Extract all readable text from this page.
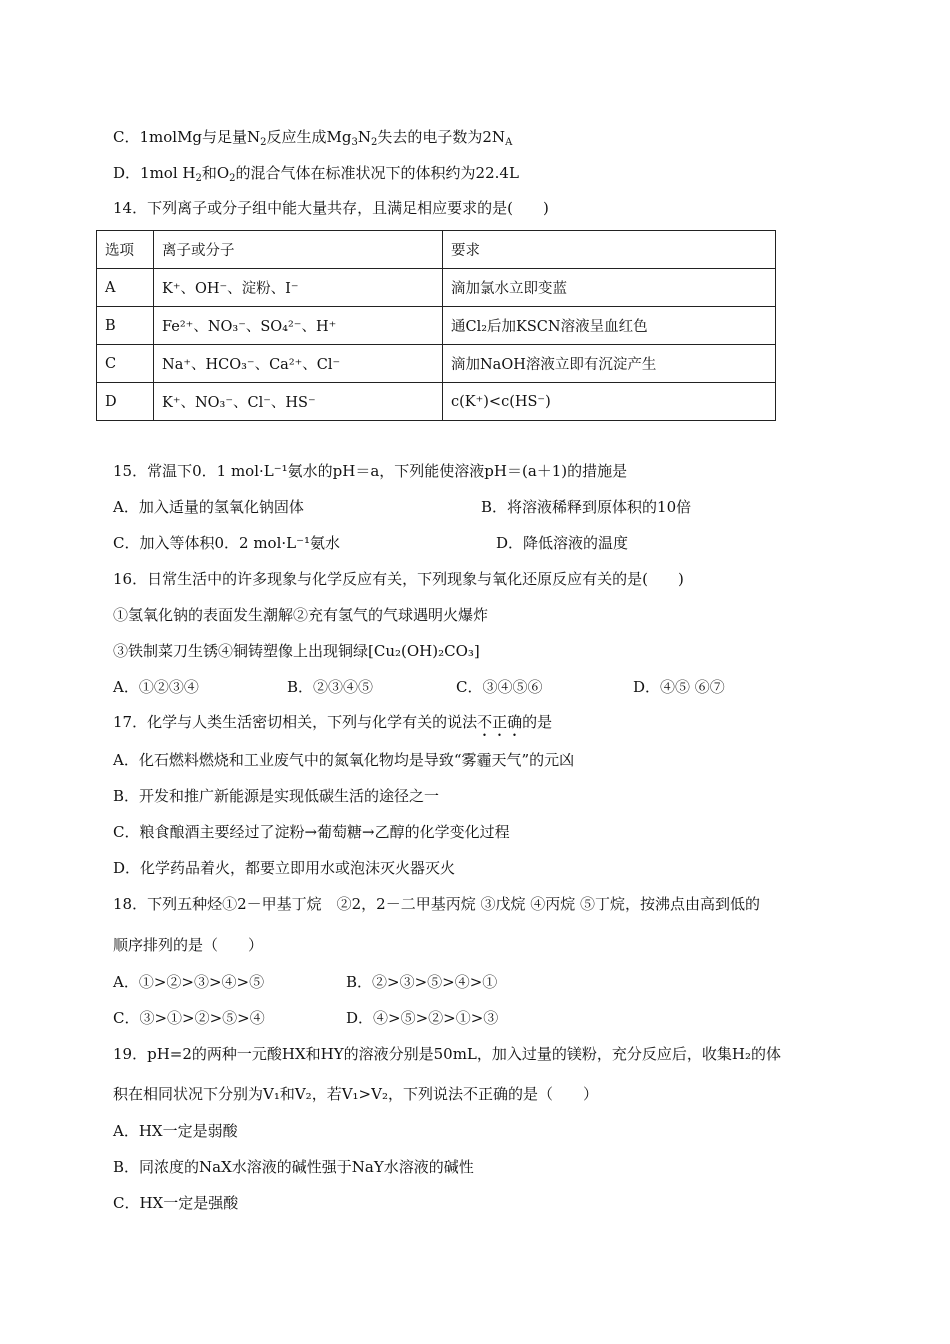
C．1molMg与足量$N_2$反应生成$Mg_3N_2$失去的电子数为$2N_A$
D．1mol $H_2$和$O_2$的混合气体在标准状况下的体积约为22.4L
14．下列离子或分子组中能大量共存，且满足相应要求的是(　　)
选项	离子或分子	要求
A	K⁺、OH⁻、淀粉、I⁻	滴加氯水立即变蓝
B	Fe²⁺、NO₃⁻、SO₄²⁻、H⁺	通Cl₂后加KSCN溶液呈血红色
C	Na⁺、HCO₃⁻、Ca²⁺、Cl⁻	滴加NaOH溶液立即有沉淀产生
D	K⁺、NO₃⁻、Cl⁻、HS⁻	c(K⁺)<c(HS⁻)
15．常温下0．1 mol·L⁻¹氨水的pH＝a，下列能使溶液pH＝(a＋1)的措施是
A．加入适量的氢氧化钠固体	B．将溶液稀释到原体积的10倍
C．加入等体积0．2 mol·L⁻¹氨水	D．降低溶液的温度
16．日常生活中的许多现象与化学反应有关，下列现象与氧化还原反应有关的是(　　)
①氢氧化钠的表面发生潮解②充有氢气的气球遇明火爆炸
③铁制菜刀生锈④铜铸塑像上出现铜绿[Cu₂(OH)₂CO₃]
A．①②③④	B．②③④⑤	C．③④⑤⑥	D．④⑤ ⑥⑦
17．化学与人类生活密切相关，下列与化学有关的说法不正确的是
A．化石燃料燃烧和工业废气中的氮氧化物均是导致“雾霾天气”的元凶
B．开发和推广新能源是实现低碳生活的途径之一
C．粮食酿酒主要经过了淀粉→葡萄糖→乙醇的化学变化过程
D．化学药品着火，都要立即用水或泡沫灭火器灭火
18．下列五种烃①2－甲基丁烷　②2，2－二甲基丙烷 ③戊烷 ④丙烷 ⑤丁烷，按沸点由高到低的
顺序排列的是（　　）
A．①>②>③>④>⑤	B．②>③>⑤>④>①
C．③>①>②>⑤>④	D．④>⑤>②>①>③
19．pH=2的两种一元酸HX和HY的溶液分别是50mL，加入过量的镁粉，充分反应后，收集H₂的体
积在相同状况下分别为V₁和V₂，若V₁>V₂，下列说法不正确的是（　　）
A．HX一定是弱酸
B．同浓度的NaX水溶液的碱性强于NaY水溶液的碱性
C．HX一定是强酸
